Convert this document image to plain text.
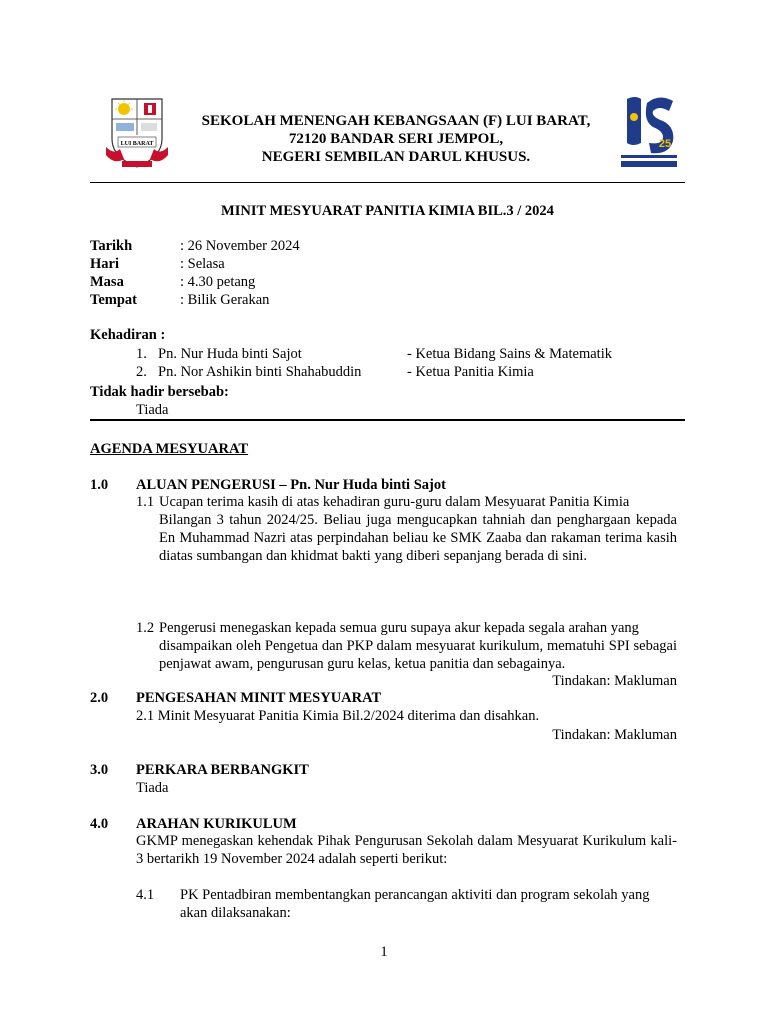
LUI BARAT
SEKOLAH MENENGAH KEBANGSAAN (F) LUI BARAT,
72120 BANDAR SERI JEMPOL,
NEGERI SEMBILAN DARUL KHUSUS.
25
MINIT MESYUARAT PANITIA KIMIA BIL.3 / 2024
Tarikh	: 26 November 2024
Hari	: Selasa
Masa	: 4.30 petang
Tempat	: Bilik Gerakan
Kehadiran :
1. Pn. Nur Huda binti Sajot	- Ketua Bidang Sains & Matematik
2. Pn. Nor Ashikin binti Shahabuddin	- Ketua Panitia Kimia
Tidak hadir bersebab:
Tiada
AGENDA MESYUARAT
1.0 ALUAN PENGERUSI – Pn. Nur Huda binti Sajot
1.1 Ucapan terima kasih di atas kehadiran guru-guru dalam Mesyuarat Panitia Kimia
Bilangan 3 tahun 2024/25. Beliau juga mengucapkan tahniah dan penghargaan kepada En Muhammad Nazri atas perpindahan beliau ke SMK Zaaba dan rakaman terima kasih diatas sumbangan dan khidmat bakti yang diberi sepanjang berada di sini.
1.2 Pengerusi menegaskan kepada semua guru supaya akur kepada segala arahan yang
disampaikan oleh Pengetua dan PKP dalam mesyuarat kurikulum, mematuhi SPI sebagai penjawat awam, pengurusan guru kelas, ketua panitia dan sebagainya.
Tindakan: Makluman
2.0 PENGESAHAN MINIT MESYUARAT
2.1 Minit Mesyuarat Panitia Kimia Bil.2/2024 diterima dan disahkan.
Tindakan: Makluman
3.0 PERKARA BERBANGKIT
Tiada
4.0 ARAHAN KURIKULUM
GKMP menegaskan kehendak Pihak Pengurusan Sekolah dalam Mesyuarat Kurikulum kali-3 bertarikh 19 November 2024 adalah seperti berikut:
4.1 PK Pentadbiran membentangkan perancangan aktiviti dan program sekolah yang
akan dilaksanakan:
1
